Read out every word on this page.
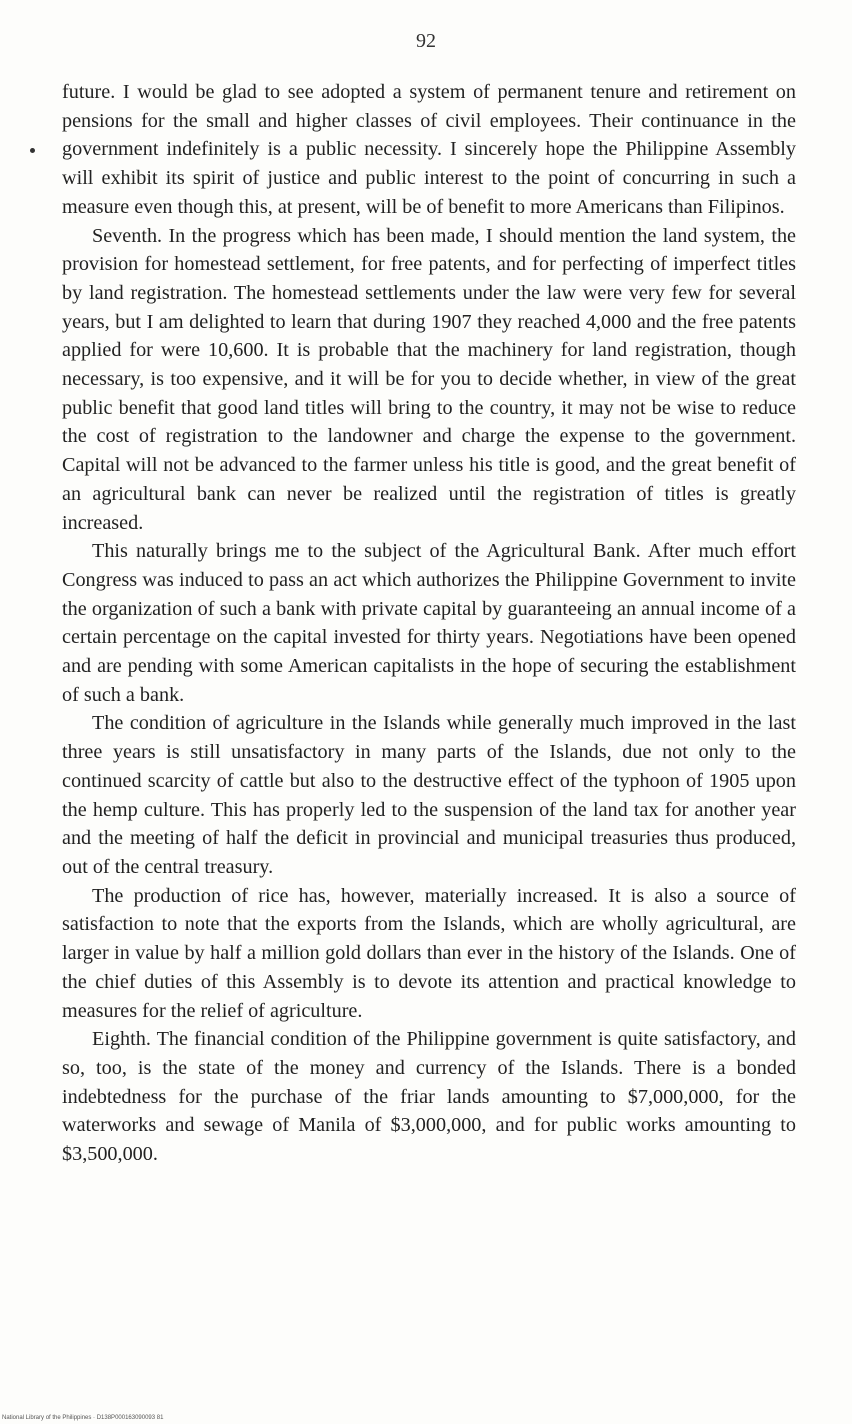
92

future. I would be glad to see adopted a system of permanent tenure and retirement on pensions for the small and higher classes of civil employees. Their continuance in the government indefinitely is a public necessity. I sincerely hope the Philippine Assembly will exhibit its spirit of justice and public interest to the point of concurring in such a measure even though this, at present, will be of benefit to more Americans than Filipinos.

Seventh. In the progress which has been made, I should mention the land system, the provision for homestead settlement, for free patents, and for perfecting of imperfect titles by land registration. The homestead settlements under the law were very few for several years, but I am delighted to learn that during 1907 they reached 4,000 and the free patents applied for were 10,600. It is probable that the machinery for land registration, though necessary, is too expensive, and it will be for you to decide whether, in view of the great public benefit that good land titles will bring to the country, it may not be wise to reduce the cost of registration to the landowner and charge the expense to the government. Capital will not be advanced to the farmer unless his title is good, and the great benefit of an agricultural bank can never be realized until the registration of titles is greatly increased.

This naturally brings me to the subject of the Agricultural Bank. After much effort Congress was induced to pass an act which authorizes the Philippine Government to invite the organization of such a bank with private capital by guaranteeing an annual income of a certain percentage on the capital invested for thirty years. Negotiations have been opened and are pending with some American capitalists in the hope of securing the establishment of such a bank.

The condition of agriculture in the Islands while generally much improved in the last three years is still unsatisfactory in many parts of the Islands, due not only to the continued scarcity of cattle but also to the destructive effect of the typhoon of 1905 upon the hemp culture. This has properly led to the suspension of the land tax for another year and the meeting of half the deficit in provincial and municipal treasuries thus produced, out of the central treasury.

The production of rice has, however, materially increased. It is also a source of satisfaction to note that the exports from the Islands, which are wholly agricultural, are larger in value by half a million gold dollars than ever in the history of the Islands. One of the chief duties of this Assembly is to devote its attention and practical knowledge to measures for the relief of agriculture.

Eighth. The financial condition of the Philippine government is quite satisfactory, and so, too, is the state of the money and currency of the Islands. There is a bonded indebtedness for the purchase of the friar lands amounting to $7,000,000, for the waterworks and sewage of Manila of $3,000,000, and for public works amounting to $3,500,000.

National Library of the Philippines · D138P000163090093 81
